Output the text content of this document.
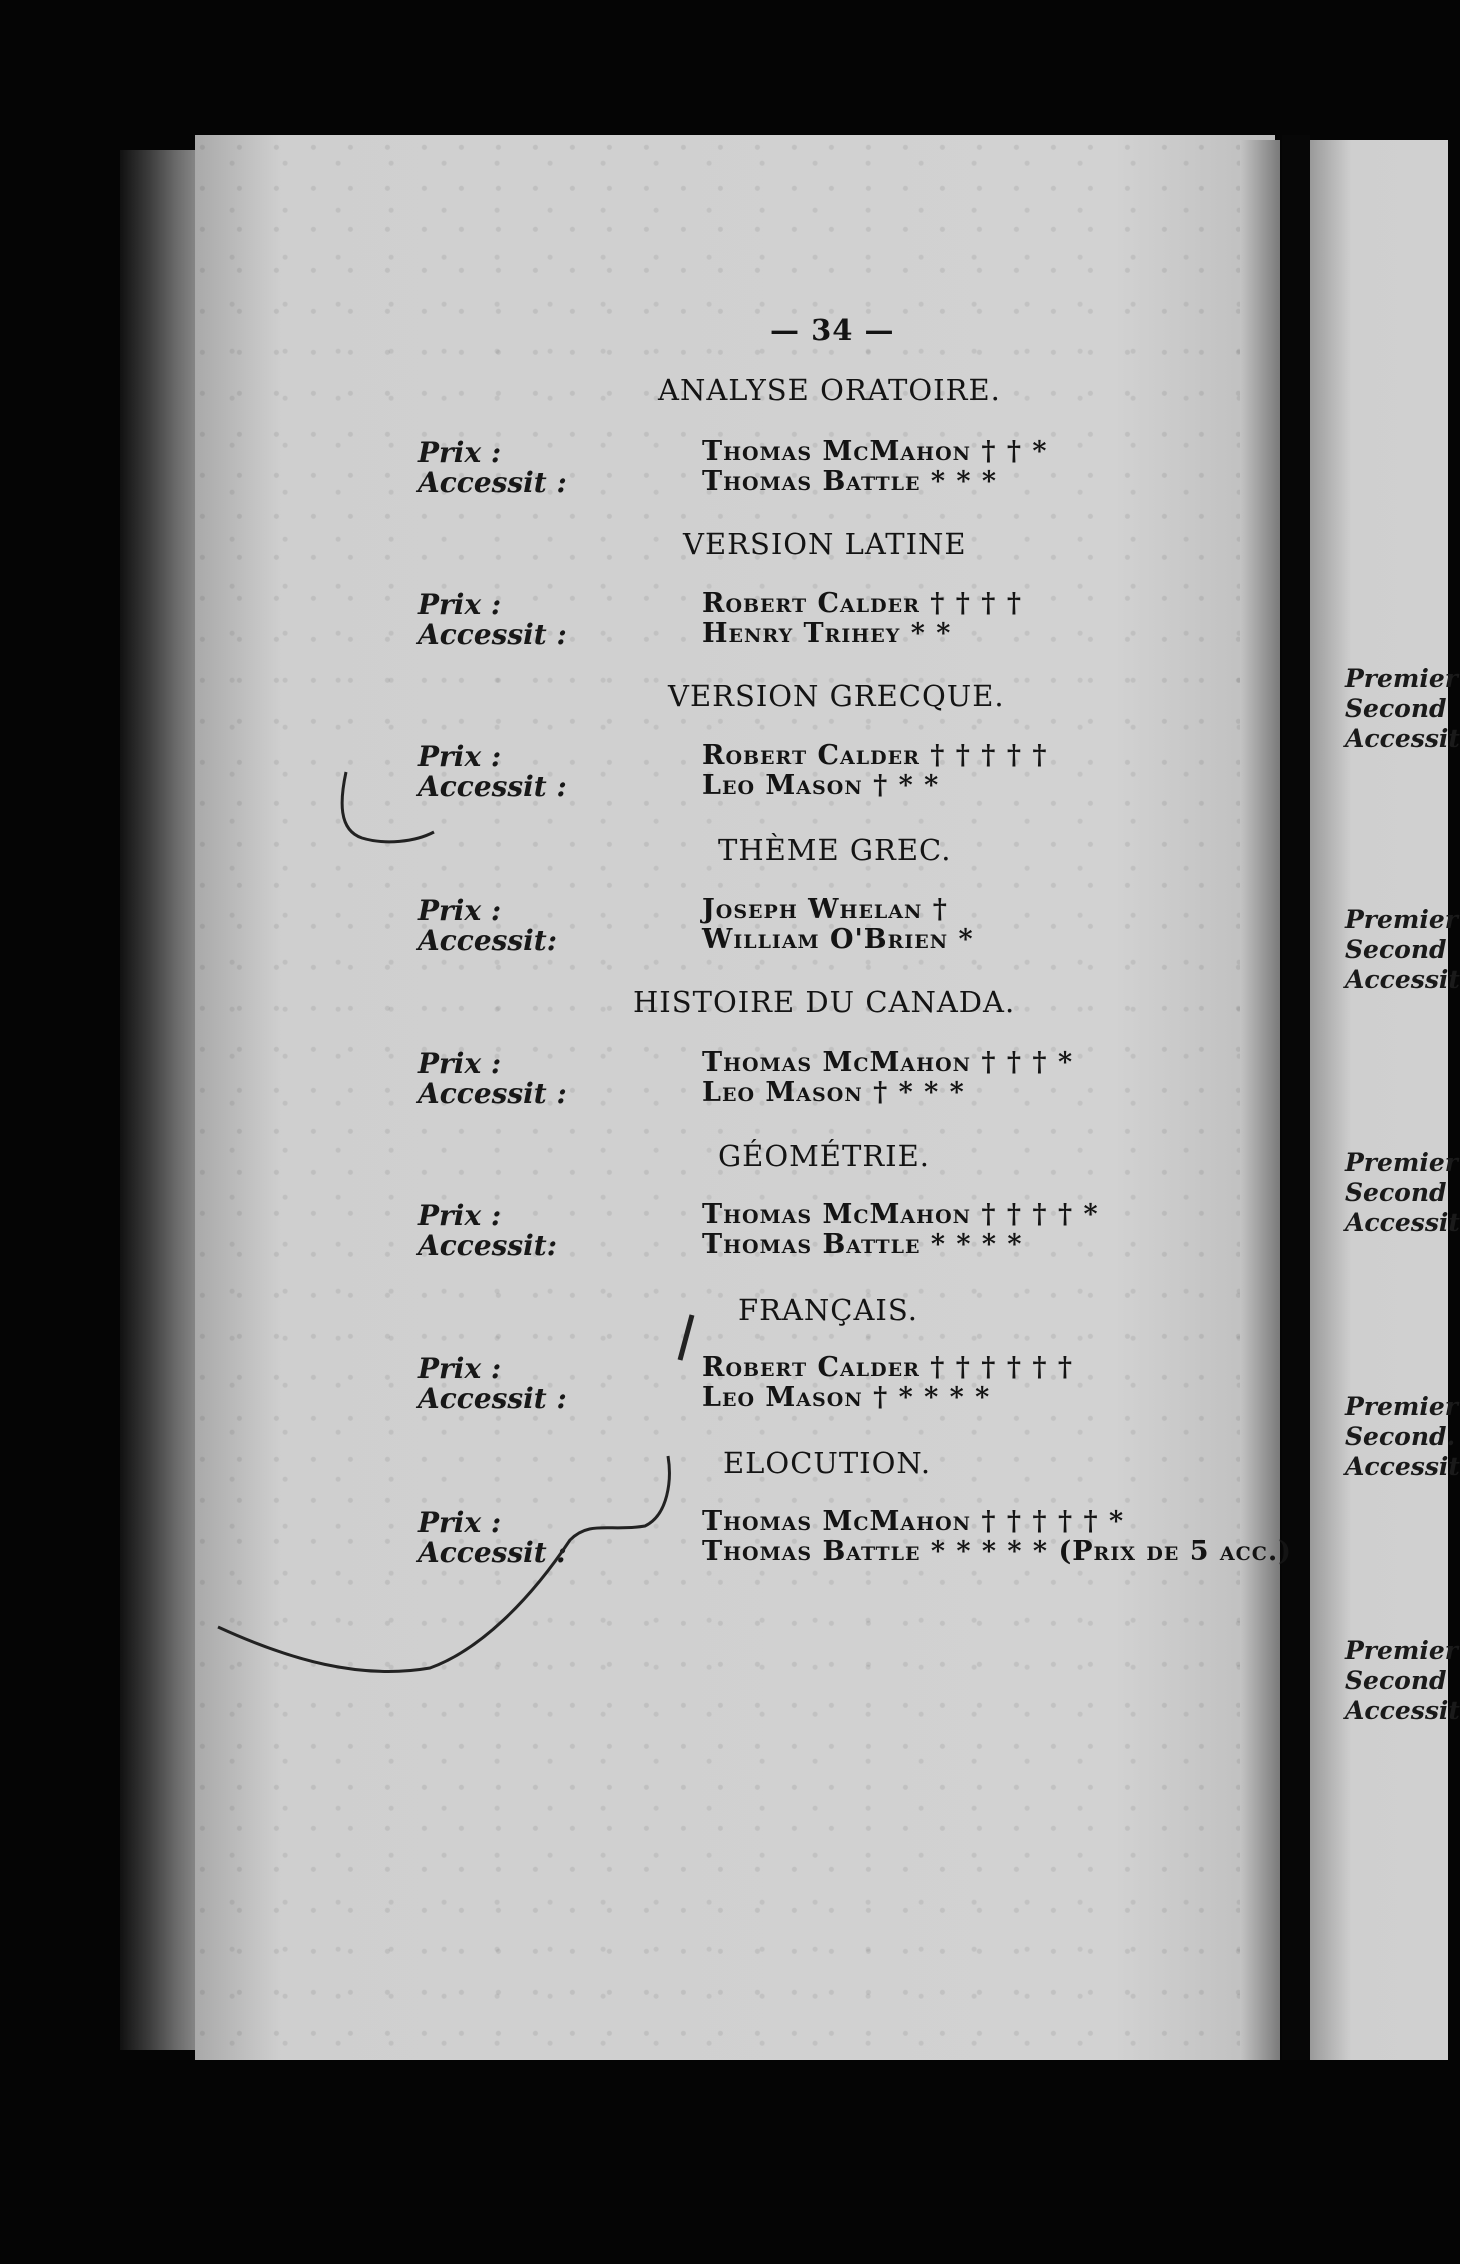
— 34 —
ANALYSE ORATOIRE.
Prix :	Thomas McMahon † † *
Accessit :	Thomas Battle * * *
VERSION LATINE
Prix :	Robert Calder † † † †
Accessit :	Henry Trihey * *
VERSION GRECQUE.
Prix :	Robert Calder † † † † †
Accessit :	Leo Mason † * *
THÈME GREC.
Prix :	Joseph Whelan †
Accessit:	William O'Brien *
HISTOIRE DU CANADA.
Prix :	Thomas McMahon † † † *
Accessit :	Leo Mason † * * *
GÉOMÉTRIE.
Prix :	Thomas McMahon † † † † *
Accessit:	Thomas Battle * * * *
FRANÇAIS.
Prix :	Robert Calder † † † † † †
Accessit :	Leo Mason † * * * *
ELOCUTION.
Prix :	Thomas McMahon † † † † † *
Accessit :	Thomas Battle * * * * * (Prix de 5 acc.)
Premier
Second
Accessit
Premier
Second
Accessit
Premier
Second
Accessit
Premier
Second.
Accessit
Premier
Second
Accessit
